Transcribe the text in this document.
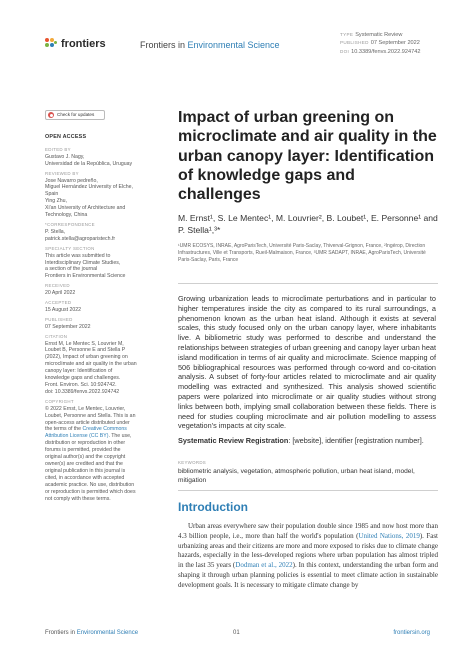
frontiers	Frontiers in Environmental Science
TYPE Systematic Review
PUBLISHED 07 September 2022
DOI 10.3389/fenvs.2022.924742
Check for updates
OPEN ACCESS
EDITED BY
Gustavo J. Nagy,
Universidad de la República, Uruguay
REVIEWED BY
Jose Navarro pedreño,
Miguel Hernández University of Elche,
Spain
Ying Zhu,
Xi'an University of Architecture and
Technology, China
*CORRESPONDENCE
P. Stella,
patrick.stella@agroparistech.fr
SPECIALTY SECTION
This article was submitted to
Interdisciplinary Climate Studies,
a section of the journal
Frontiers in Environmental Science
RECEIVED
20 April 2022
ACCEPTED
15 August 2022
PUBLISHED
07 September 2022
CITATION
Ernst M, Le Mentec S, Louvrier M,
Loubet B, Personne E and Stella P
(2022), Impact of urban greening on
microclimate and air quality in the urban
canopy layer: Identification of
knowledge gaps and challenges.
Front. Environ. Sci. 10:924742.
doi: 10.3389/fenvs.2022.924742
COPYRIGHT
© 2022 Ernst, Le Mentec, Louvrier,
Loubet, Personne and Stella. This is an
open-access article distributed under
the terms of the Creative Commons
Attribution License (CC BY). The use,
distribution or reproduction in other
forums is permitted, provided the
original author(s) and the copyright
owner(s) are credited and that the
original publication in this journal is
cited, in accordance with accepted
academic practice. No use, distribution
or reproduction is permitted which does
not comply with these terms.
Impact of urban greening on microclimate and air quality in the urban canopy layer: Identification of knowledge gaps and challenges
M. Ernst¹, S. Le Mentec¹, M. Louvrier², B. Loubet¹, E. Personne¹ and P. Stella¹,³*
¹UMR ECOSYS, INRAE, AgroParisTech, Université Paris-Saclay, Thiverval-Grignon, France, ²Ingérop, Direction Infrastructures, Ville et Transports, Rueil-Malmaison, France, ³UMR SADAPT, INRAE, AgroParisTech, Université Paris-Saclay, Paris, France

Growing urbanization leads to microclimate perturbations and in particular to higher temperatures inside the city as compared to its rural surroundings, a phenomenon known as the urban heat island. Although it exists at several scales, this study focused only on the urban canopy layer, where inhabitants live. A bibliometric study was performed to describe and understand the relationships between strategies of urban greening and canopy layer urban heat island modification in terms of air quality and microclimate. Science mapping of 506 bibliographical resources was performed through co-word and co-citation analysis. A subset of forty-four articles related to microclimate and air quality modelling was extracted and synthesized. This analysis showed scientific papers were polarized into microclimate or air quality studies without strong links between both, implying small collaboration between these fields. There is need for studies coupling microclimate and air pollution modelling to assess vegetation's impacts at city scale.

Systematic Review Registration: [website], identifier [registration number].
KEYWORDS
bibliometric analysis, vegetation, atmospheric pollution, urban heat island, model, mitigation
Introduction

Urban areas everywhere saw their population double since 1985 and now host more than 4.3 billion people, i.e., more than half the world's population (United Nations, 2019). Fast urbanizing areas and their citizens are more and more exposed to risks due to climate change hazards, especially in the less-developed regions where urban population has almost tripled in the last 35 years (Dodman et al., 2022). In this context, understanding the urban form and shaping it through urban planning policies is essential to meet climate action in sustainable development goals. It is necessary to mitigate climate change by

Frontiers in Environmental Science	01	frontiersin.org
